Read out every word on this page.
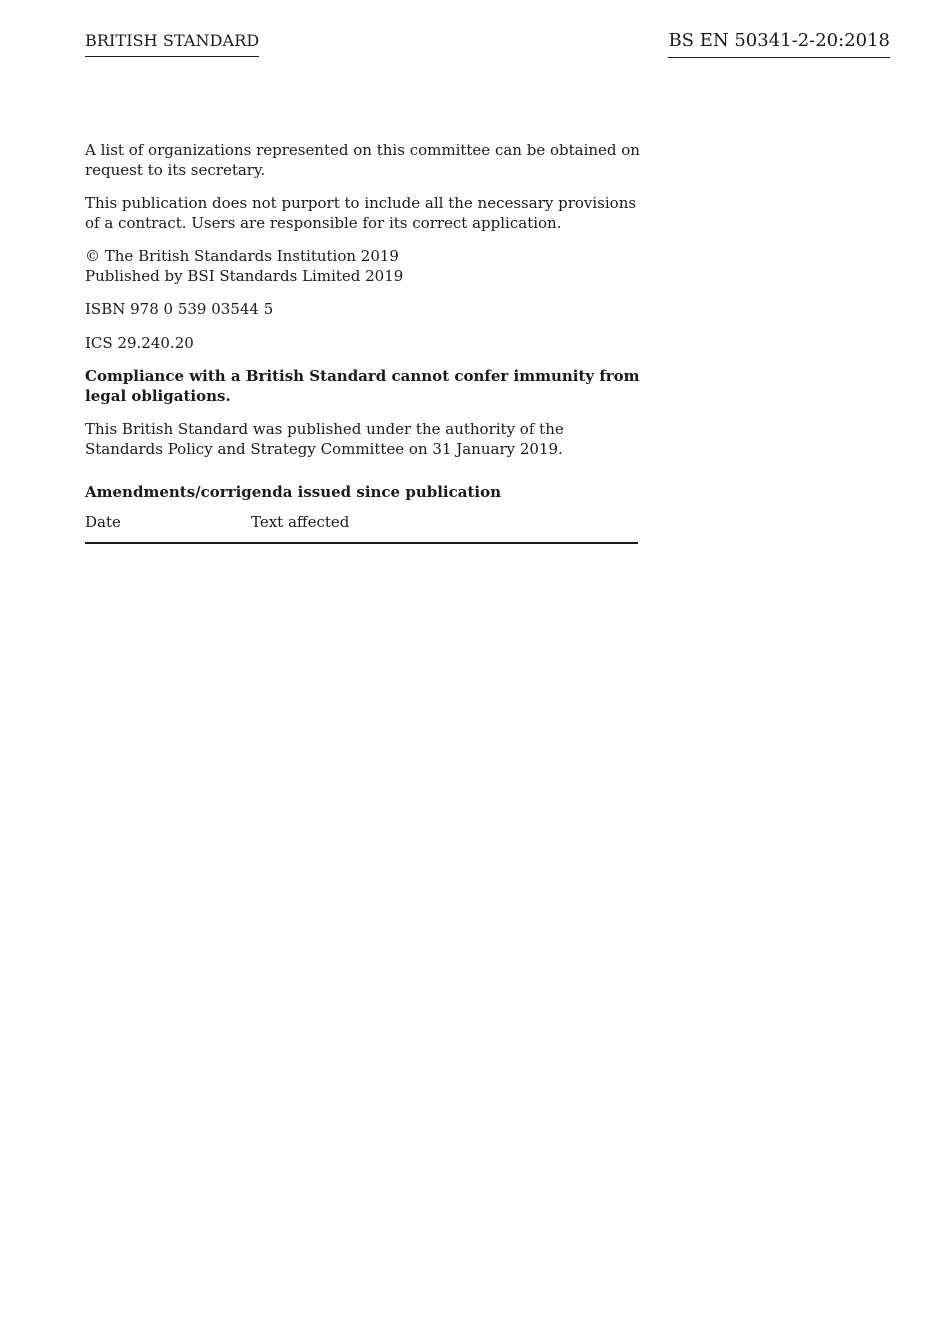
BRITISH STANDARD	BS EN 50341-2-20:2018

A list of organizations represented on this committee can be obtained on
request to its secretary.

This publication does not purport to include all the necessary provisions
of a contract. Users are responsible for its correct application.

© The British Standards Institution 2019
Published by BSI Standards Limited 2019

ISBN 978 0 539 03544 5

ICS 29.240.20

Compliance with a British Standard cannot confer immunity from
legal obligations.

This British Standard was published under the authority of the
Standards Policy and Strategy Committee on 31 January 2019.

Amendments/corrigenda issued since publication
Date	Text affected
